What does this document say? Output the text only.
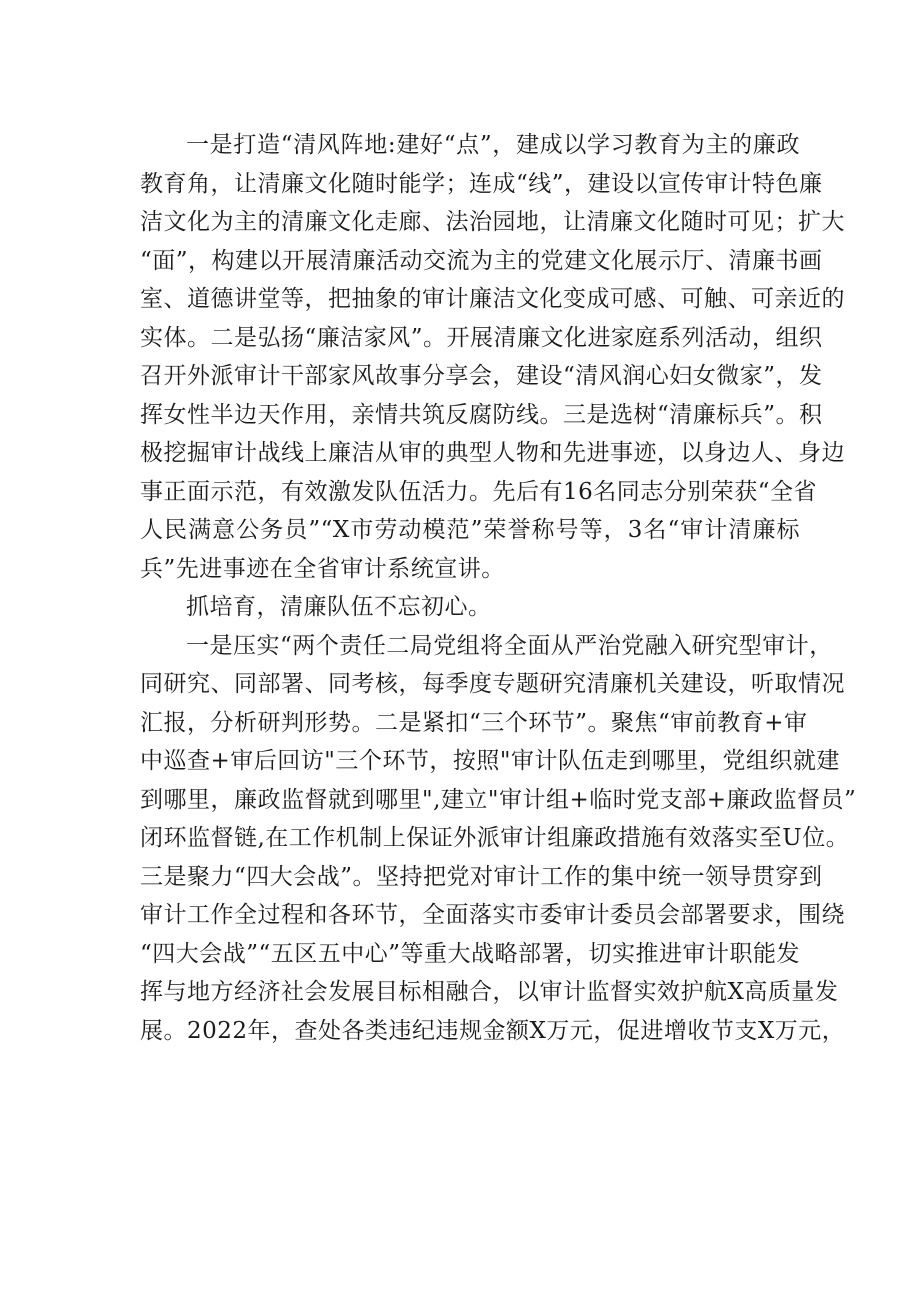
一是打造“清风阵地:建好“点”，建成以学习教育为主的廉政
教育角，让清廉文化随时能学；连成“线”，建设以宣传审计特色廉
洁文化为主的清廉文化走廊、法治园地，让清廉文化随时可见；扩大
“面”，构建以开展清廉活动交流为主的党建文化展示厅、清廉书画
室、道德讲堂等，把抽象的审计廉洁文化变成可感、可触、可亲近的
实体。二是弘扬“廉洁家风”。开展清廉文化进家庭系列活动，组织
召开外派审计干部家风故事分享会，建设“清风润心妇女微家”，发
挥女性半边天作用，亲情共筑反腐防线。三是选树“清廉标兵”。积
极挖掘审计战线上廉洁从审的典型人物和先进事迹，以身边人、身边
事正面示范，有效激发队伍活力。先后有16名同志分别荣获“全省
人民满意公务员”“X市劳动模范”荣誉称号等，3名“审计清廉标
兵”先进事迹在全省审计系统宣讲。
抓培育，清廉队伍不忘初心。
一是压实“两个责任二局党组将全面从严治党融入研究型审计，
同研究、同部署、同考核，每季度专题研究清廉机关建设，听取情况
汇报，分析研判形势。二是紧扣“三个环节”。聚焦“审前教育+审
中巡查+审后回访"三个环节，按照"审计队伍走到哪里，党组织就建
到哪里，廉政监督就到哪里",建立"审计组+临时党支部+廉政监督员”
闭环监督链,在工作机制上保证外派审计组廉政措施有效落实至U位。
三是聚力“四大会战”。坚持把党对审计工作的集中统一领导贯穿到
审计工作全过程和各环节，全面落实市委审计委员会部署要求，围绕
“四大会战”“五区五中心”等重大战略部署，切实推进审计职能发
挥与地方经济社会发展目标相融合，以审计监督实效护航X高质量发
展。2022年，查处各类违纪违规金额X万元，促进增收节支X万元，
